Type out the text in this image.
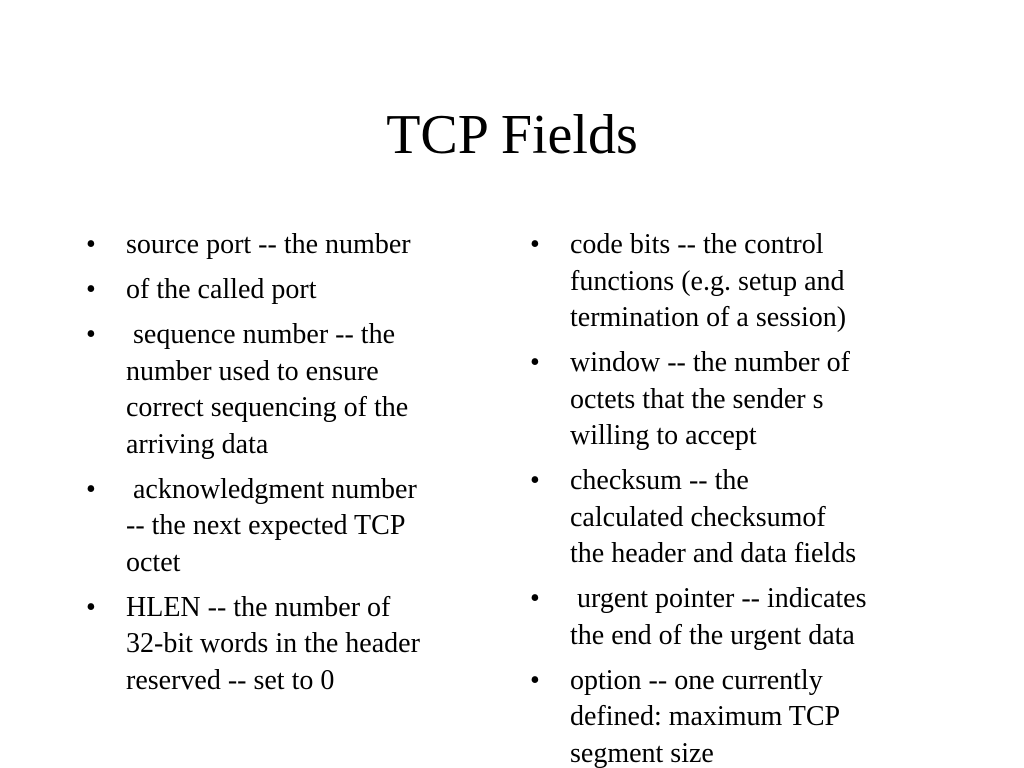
TCP Fields
• source port -- the number
• of the called port
• sequence number -- the
number used to ensure
correct sequencing of the
arriving data
• acknowledgment number
-- the next expected TCP
octet
• HLEN -- the number of
32-bit words in the header
reserved -- set to 0
• code bits -- the control
functions (e.g. setup and
termination of a session)
• window -- the number of
octets that the sender s
willing to accept
• checksum -- the
calculated checksumof
the header and data fields
• urgent pointer -- indicates
the end of the urgent data
• option -- one currently
defined: maximum TCP
segment size
